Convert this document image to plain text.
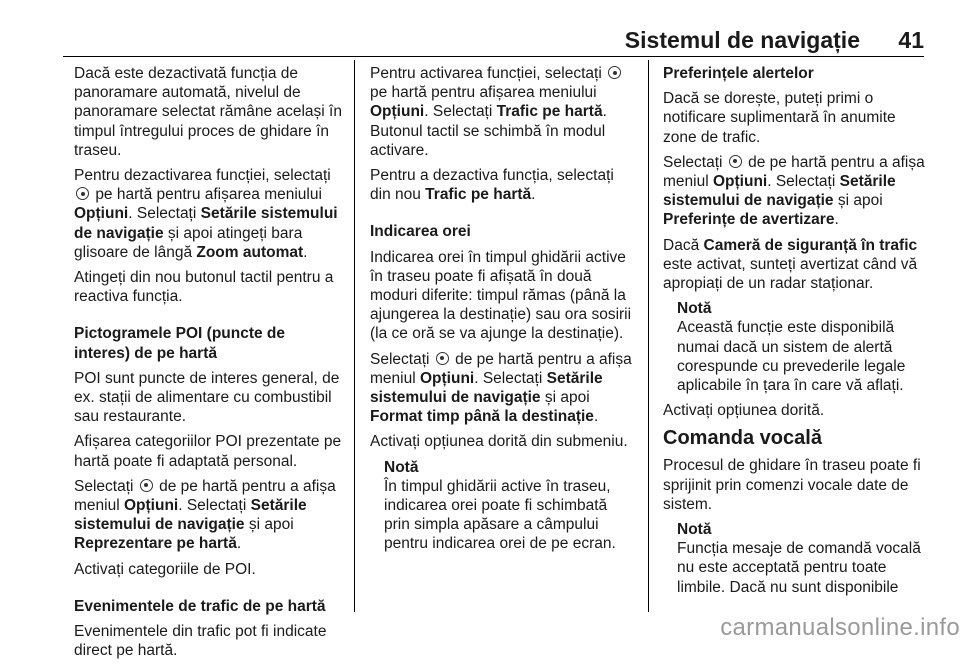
Sistemul de navigație 41

Dacă este dezactivată funcția de panoramare automată, nivelul de panoramare selectat rămâne același în timpul întregului proces de ghidare în traseu.

Pentru dezactivarea funcției, selectați  pe hartă pentru afișarea meniului Opțiuni. Selectați Setările sistemului de navigație și apoi atingeți bara glisoare de lângă Zoom automat.

Atingeți din nou butonul tactil pentru a reactiva funcția.

Pictogramele POI (puncte de interes) de pe hartă

POI sunt puncte de interes general, de ex. stații de alimentare cu combustibil sau restaurante.

Afișarea categoriilor POI prezentate pe hartă poate fi adaptată personal.

Selectați de pe hartă pentru a afișa meniul Opțiuni. Selectați Setările sistemului de navigație și apoi Reprezentare pe hartă.

Activați categoriile de POI.

Evenimentele de trafic de pe hartă

Evenimentele din trafic pot fi indicate direct pe hartă.

Pentru activarea funcției, selectați  pe hartă pentru afișarea meniului Opțiuni. Selectați Trafic pe hartă. Butonul tactil se schimbă în modul activare.

Pentru a dezactiva funcția, selectați din nou Trafic pe hartă.

Indicarea orei

Indicarea orei în timpul ghidării active în traseu poate fi afișată în două moduri diferite: timpul rămas (până la ajungerea la destinație) sau ora sosirii (la ce oră se va ajunge la destinație).

Selectați de pe hartă pentru a afișa meniul Opțiuni. Selectați Setările sistemului de navigație și apoi Format timp până la destinație.

Activați opțiunea dorită din submeniu.

Notă

În timpul ghidării active în traseu, indicarea orei poate fi schimbată prin simpla apăsare a câmpului pentru indicarea orei de pe ecran.

Preferințele alertelor

Dacă se dorește, puteți primi o notificare suplimentară în anumite zone de trafic.

Selectați de pe hartă pentru a afișa meniul Opțiuni. Selectați Setările sistemului de navigație și apoi Preferințe de avertizare.

Dacă Cameră de siguranță în trafic este activat, sunteți avertizat când vă apropiați de un radar staționar.

Notă

Această funcție este disponibilă numai dacă un sistem de alertă corespunde cu prevederile legale aplicabile în țara în care vă aflați.

Activați opțiunea dorită.

Comanda vocală

Procesul de ghidare în traseu poate fi sprijinit prin comenzi vocale date de sistem.

Notă

Funcția mesaje de comandă vocală nu este acceptată pentru toate limbile. Dacă nu sunt disponibile

carmanualsonline.info
